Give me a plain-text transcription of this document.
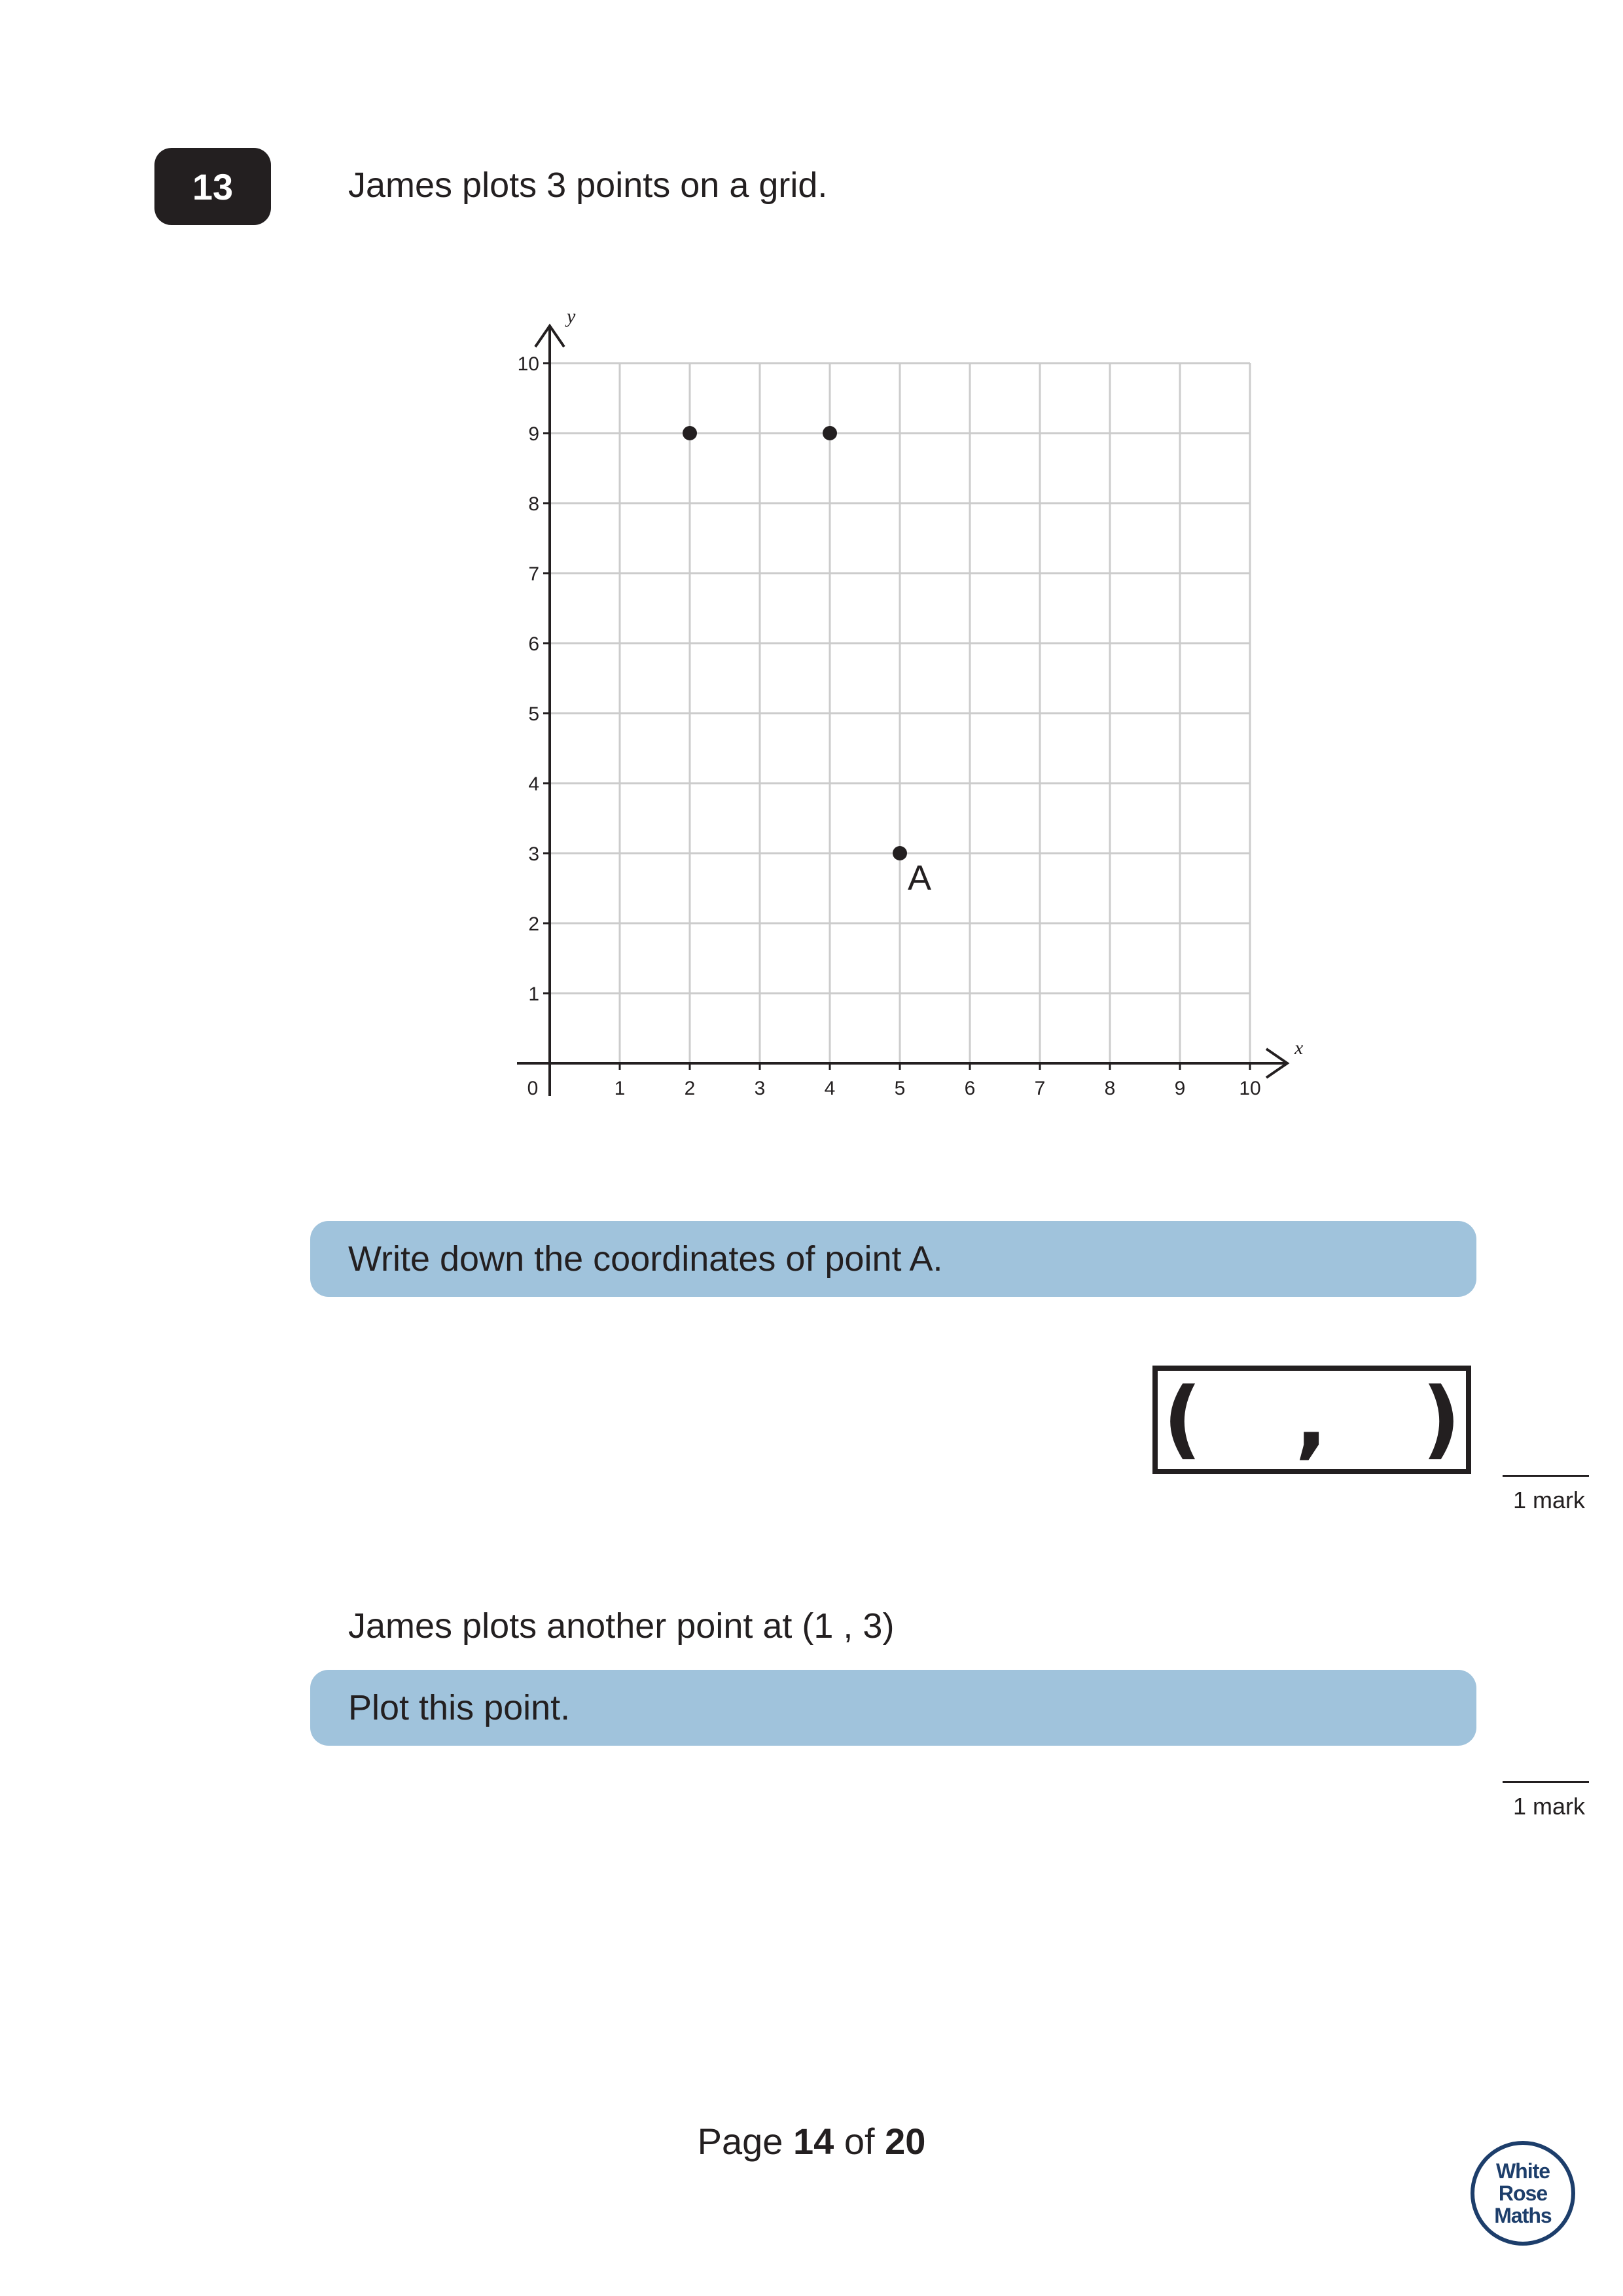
13	James plots 3 points on a grid.
1	2	3	4	5	6	7	8	9	10
1
2
3
4
5
6
7
8
9
10
0
x
y
A
Write down the coordinates of point A.
( , )
1 mark
James plots another point at (1 , 3)
Plot this point.
1 mark
Page 14 of 20
White
Rose
Maths
